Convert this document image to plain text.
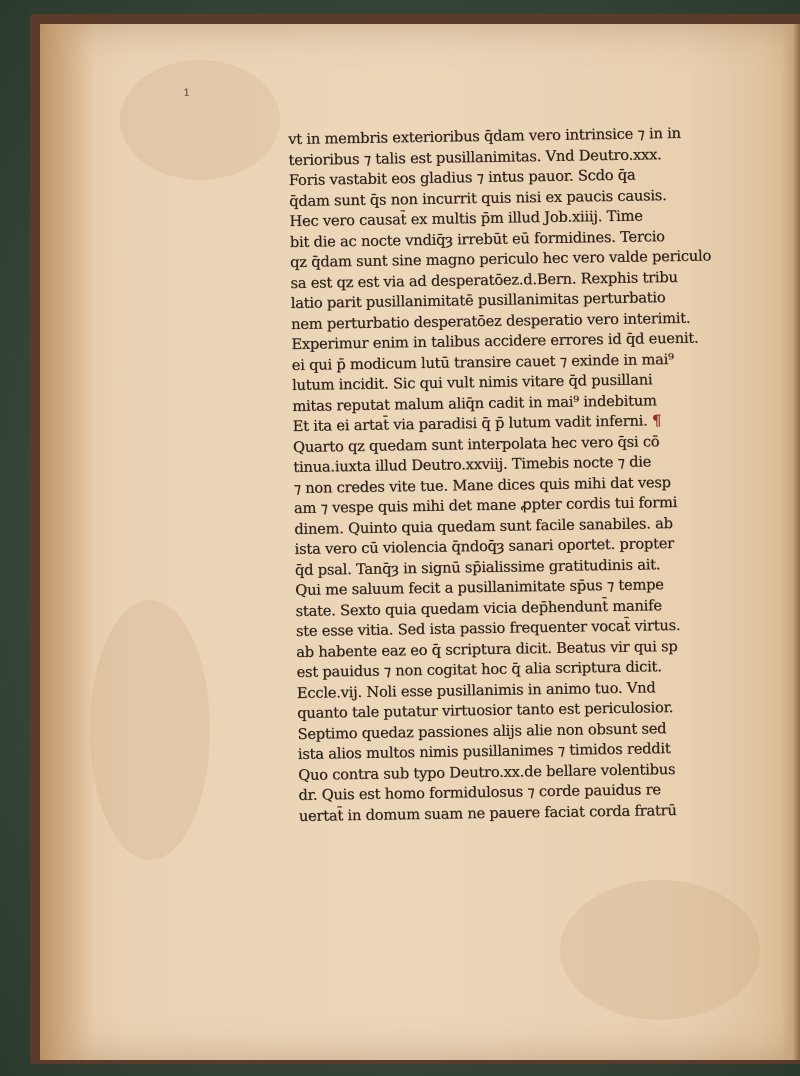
¹
vt in membris exterioribus q̄dam vero intrinsice ⁊ in in
terioribus ⁊ talis est pusillanimitas. Vnd Deutro.xxx.
Foris vastabit eos gladius ⁊ intus pauor. Scdo q̄a
q̄dam sunt q̄s non incurrit quis nisi ex paucis causis.
Hec vero causat̄ ex multis p̄m illud Job.xiiij. Time
bit die ac nocte vndiq̄ȝ irrebūt eū formidines. Tercio
qz q̄dam sunt sine magno periculo hec vero valde periculo
sa est qz est via ad desperatōez.d.Bern. Rexphis tribu
latio parit pusillanimitatē pusillanimitas perturbatio
nem perturbatio desperatōez desperatio vero interimit.
Experimur enim in talibus accidere errores id q̄d euenit.
ei qui p̄ modicum lutū transire cauet ⁊ exinde in mai⁹
lutum incidit. Sic qui vult nimis vitare q̄d pusillani
mitas reputat malum aliq̄n cadit in mai⁹ indebitum
Et ita ei artat̄ via paradisi q̄ p̄ lutum vadit inferni. ¶
Quarto qz quedam sunt interpolata hec vero q̄si cō
tinua.iuxta illud Deutro.xxviij. Timebis nocte ⁊ die
⁊ non credes vite tue. Mane dices quis mihi dat vesp
am ⁊ vespe quis mihi det mane ꝓpter cordis tui formi
dinem. Quinto quia quedam sunt facile sanabiles. ab
ista vero cū violencia q̄ndoq̄ȝ sanari oportet. propter
q̄d psal. Tanq̄ȝ in signū sp̄ialissime gratitudinis ait.
Qui me saluum fecit a pusillanimitate sp̄us ⁊ tempe
state. Sexto quia quedam vicia dep̄hendunt̄ manife
ste esse vitia. Sed ista passio frequenter vocat̄ virtus.
ab habente eaz eo q̄ scriptura dicit. Beatus vir qui sp
est pauidus ⁊ non cogitat hoc q̄ alia scriptura dicit.
Eccle.vij. Noli esse pusillanimis in animo tuo. Vnd
quanto tale putatur virtuosior tanto est periculosior.
Septimo quedaz passiones alijs alie non obsunt sed
ista alios multos nimis pusillanimes ⁊ timidos reddit
Quo contra sub typo Deutro.xx.de bellare volentibus
dr. Quis est homo formidulosus ⁊ corde pauidus re
uertat̄ in domum suam ne pauere faciat corda fratrū
